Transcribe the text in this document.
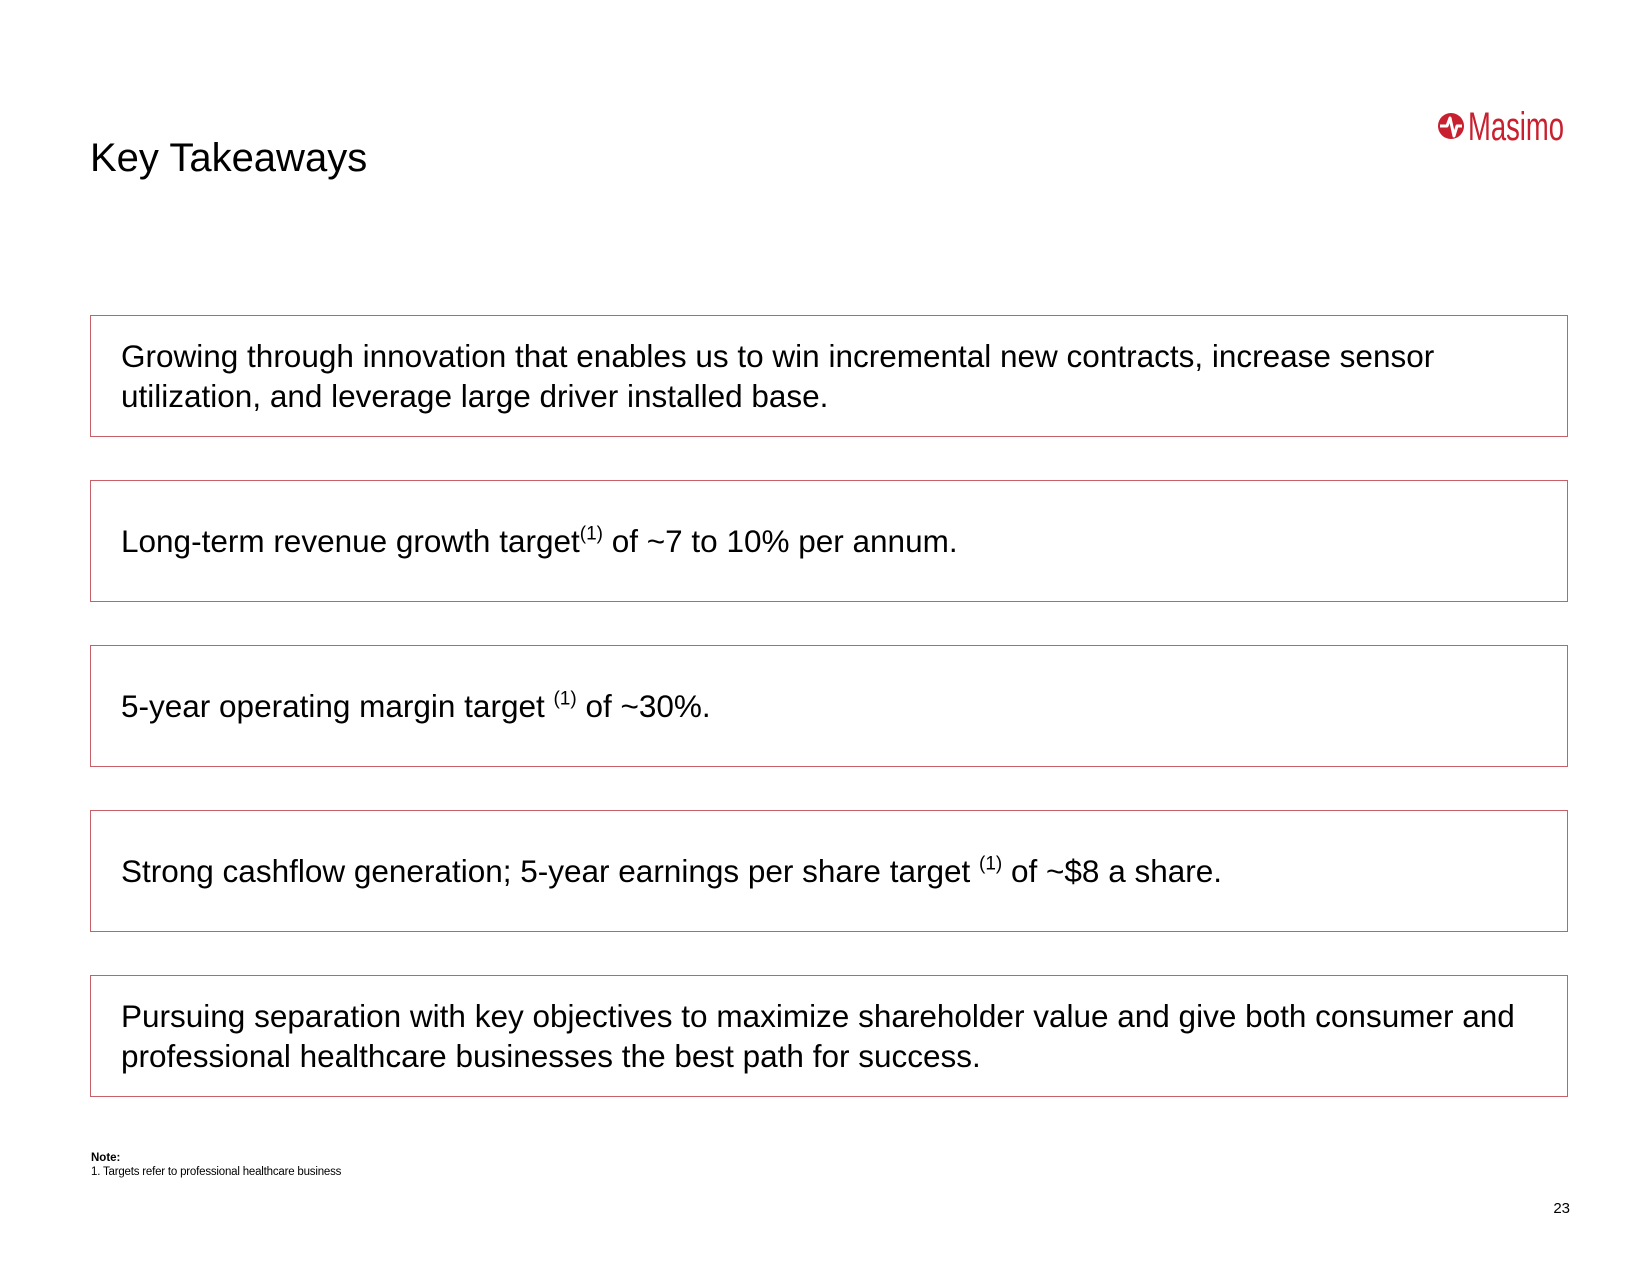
Key Takeaways
Masimo

Growing through innovation that enables us to win incremental new contracts, increase sensor utilization, and leverage large driver installed base.

Long-term revenue growth target$^{(1)}$ of ~7 to 10% per annum.

5-year operating margin target $^{(1)}$ of ~30%.

Strong cashflow generation; 5-year earnings per share target $^{(1)}$ of ~$8 a share.

Pursuing separation with key objectives to maximize shareholder value and give both consumer and professional healthcare businesses the best path for success.

Note:
1. Targets refer to professional healthcare business
23
